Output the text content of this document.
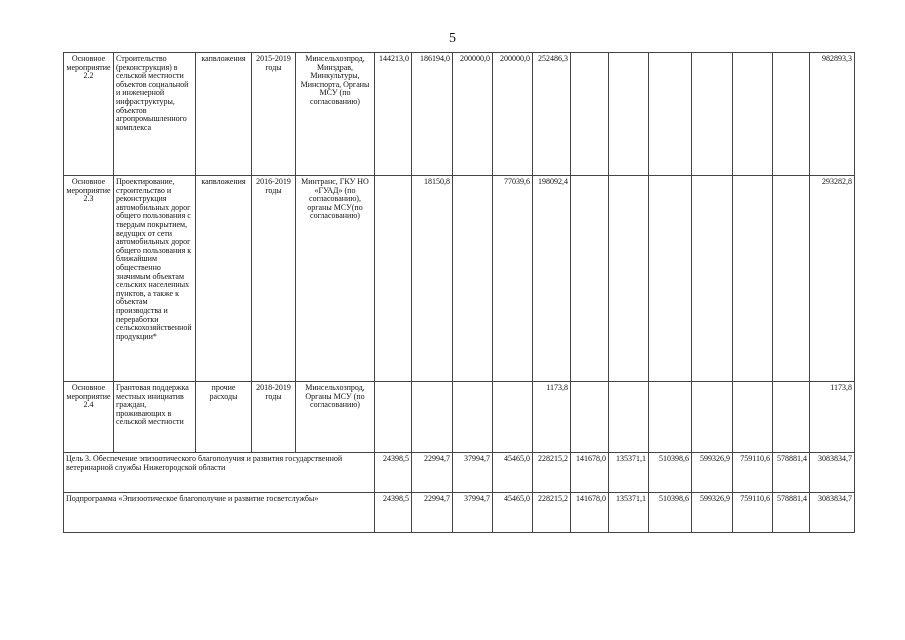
5
Основное мероприятие 2.2	Строительство (реконструкция) в сельской местности объектов социальной и инженерной инфраструктуры, объектов агропромышленного комплекса	капвложения	2015-2019 годы	Минсельхозпрод, Минздрав, Минкультуры, Минспорта, Органы МСУ (по согласованию)	144213,0	186194,0	200000,0	200000,0	252486,3							982893,3
Основное мероприятие 2.3	Проектирование, строительство и реконструкция автомобильных дорог общего пользования с твердым покрытием, ведущих от сети автомобильных дорог общего пользования к ближайшим общественно значимым объектам сельских населенных пунктов, а также к объектам производства и переработки сельскохозяйственной продукции*	капвложения	2016-2019 годы	Минтранс, ГКУ НО «ГУАД» (по согласованию), органы МСУ(по согласованию)		18150,8		77039,6	198092,4							293282,8
Основное мероприятие 2.4	Грантовая поддержка местных инициатив граждан, проживающих в сельской местности	прочие расходы	2018-2019 годы	Минсельхозпрод, Органы МСУ (по согласованию)					1173,8							1173,8
Цель 3. Обеспечение эпизоотического благополучия и развития государственной ветеринарной службы Нижегородской области					24398,5	22994,7	37994,7	45465,0	228215,2	141678,0	135371,1	510398,6	599326,9	759110,6	578881,4	3083834,7
Подпрограмма «Эпизоотическое благополучие и развитие госветслужбы»					24398,5	22994,7	37994,7	45465,0	228215,2	141678,0	135371,1	510398,6	599326,9	759110,6	578881,4	3083834,7
